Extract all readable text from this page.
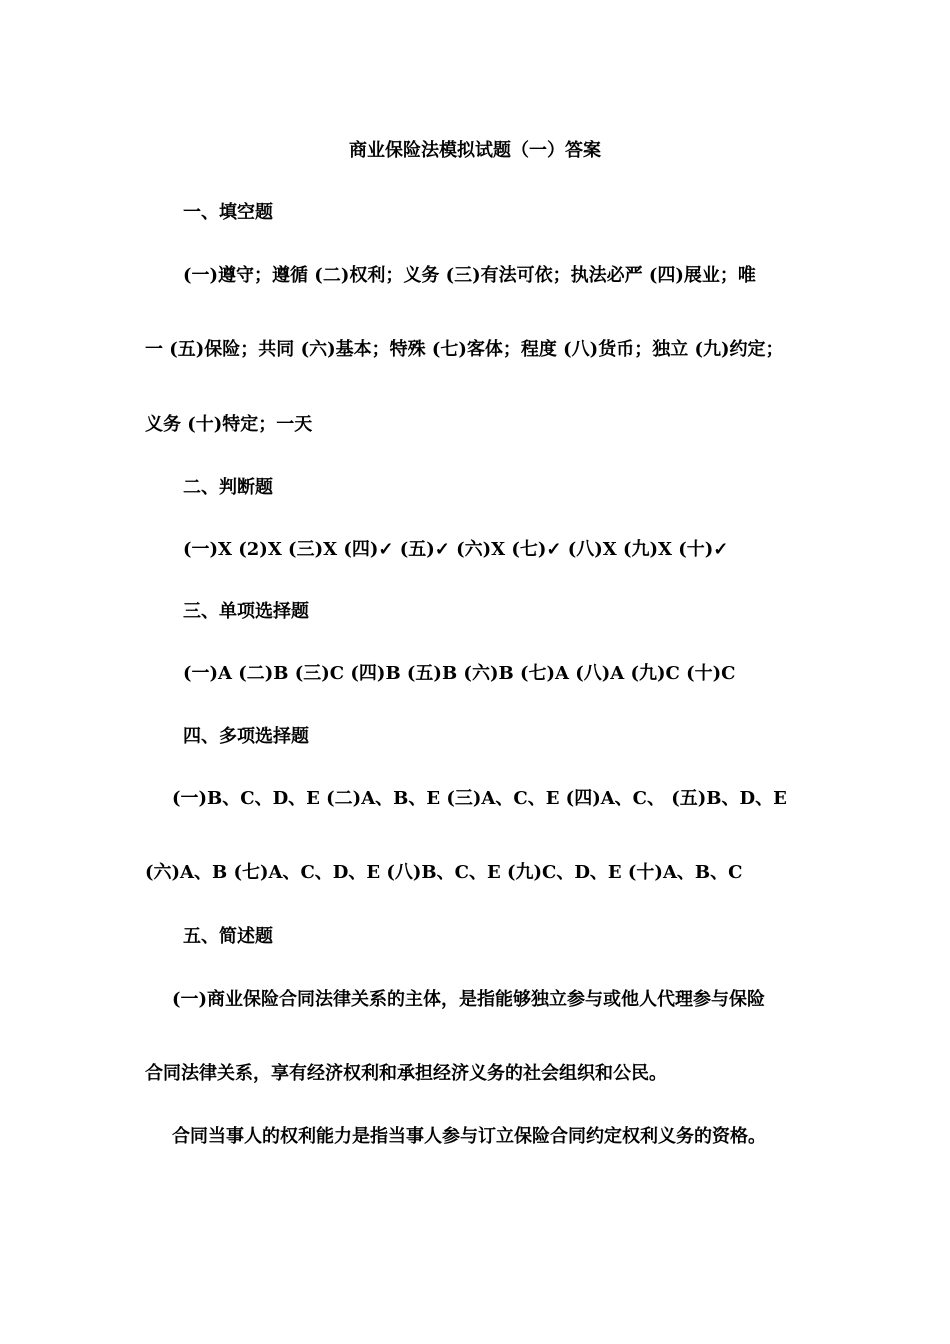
商业保险法模拟试题（一）答案
一、填空题
(一)遵守；遵循 (二)权利；义务 (三)有法可依；执法必严 (四)展业；唯
一 (五)保险；共同 (六)基本；特殊 (七)客体；程度 (八)货币；独立 (九)约定；
义务 (十)特定；一天
二、判断题
(一)X (2)X (三)X (四)✓ (五)✓ (六)X (七)✓ (八)X (九)X (十)✓
三、单项选择题
(一)A (二)B (三)C (四)B (五)B (六)B (七)A (八)A (九)C (十)C
四、多项选择题
(一)B、C、D、E (二)A、B、E (三)A、C、E (四)A、C、 (五)B、D、E
(六)A、B (七)A、C、D、E (八)B、C、E (九)C、D、E (十)A、B、C
五、简述题
(一)商业保险合同法律关系的主体，是指能够独立参与或他人代理参与保险
合同法律关系，享有经济权利和承担经济义务的社会组织和公民。
合同当事人的权利能力是指当事人参与订立保险合同约定权利义务的资格。
